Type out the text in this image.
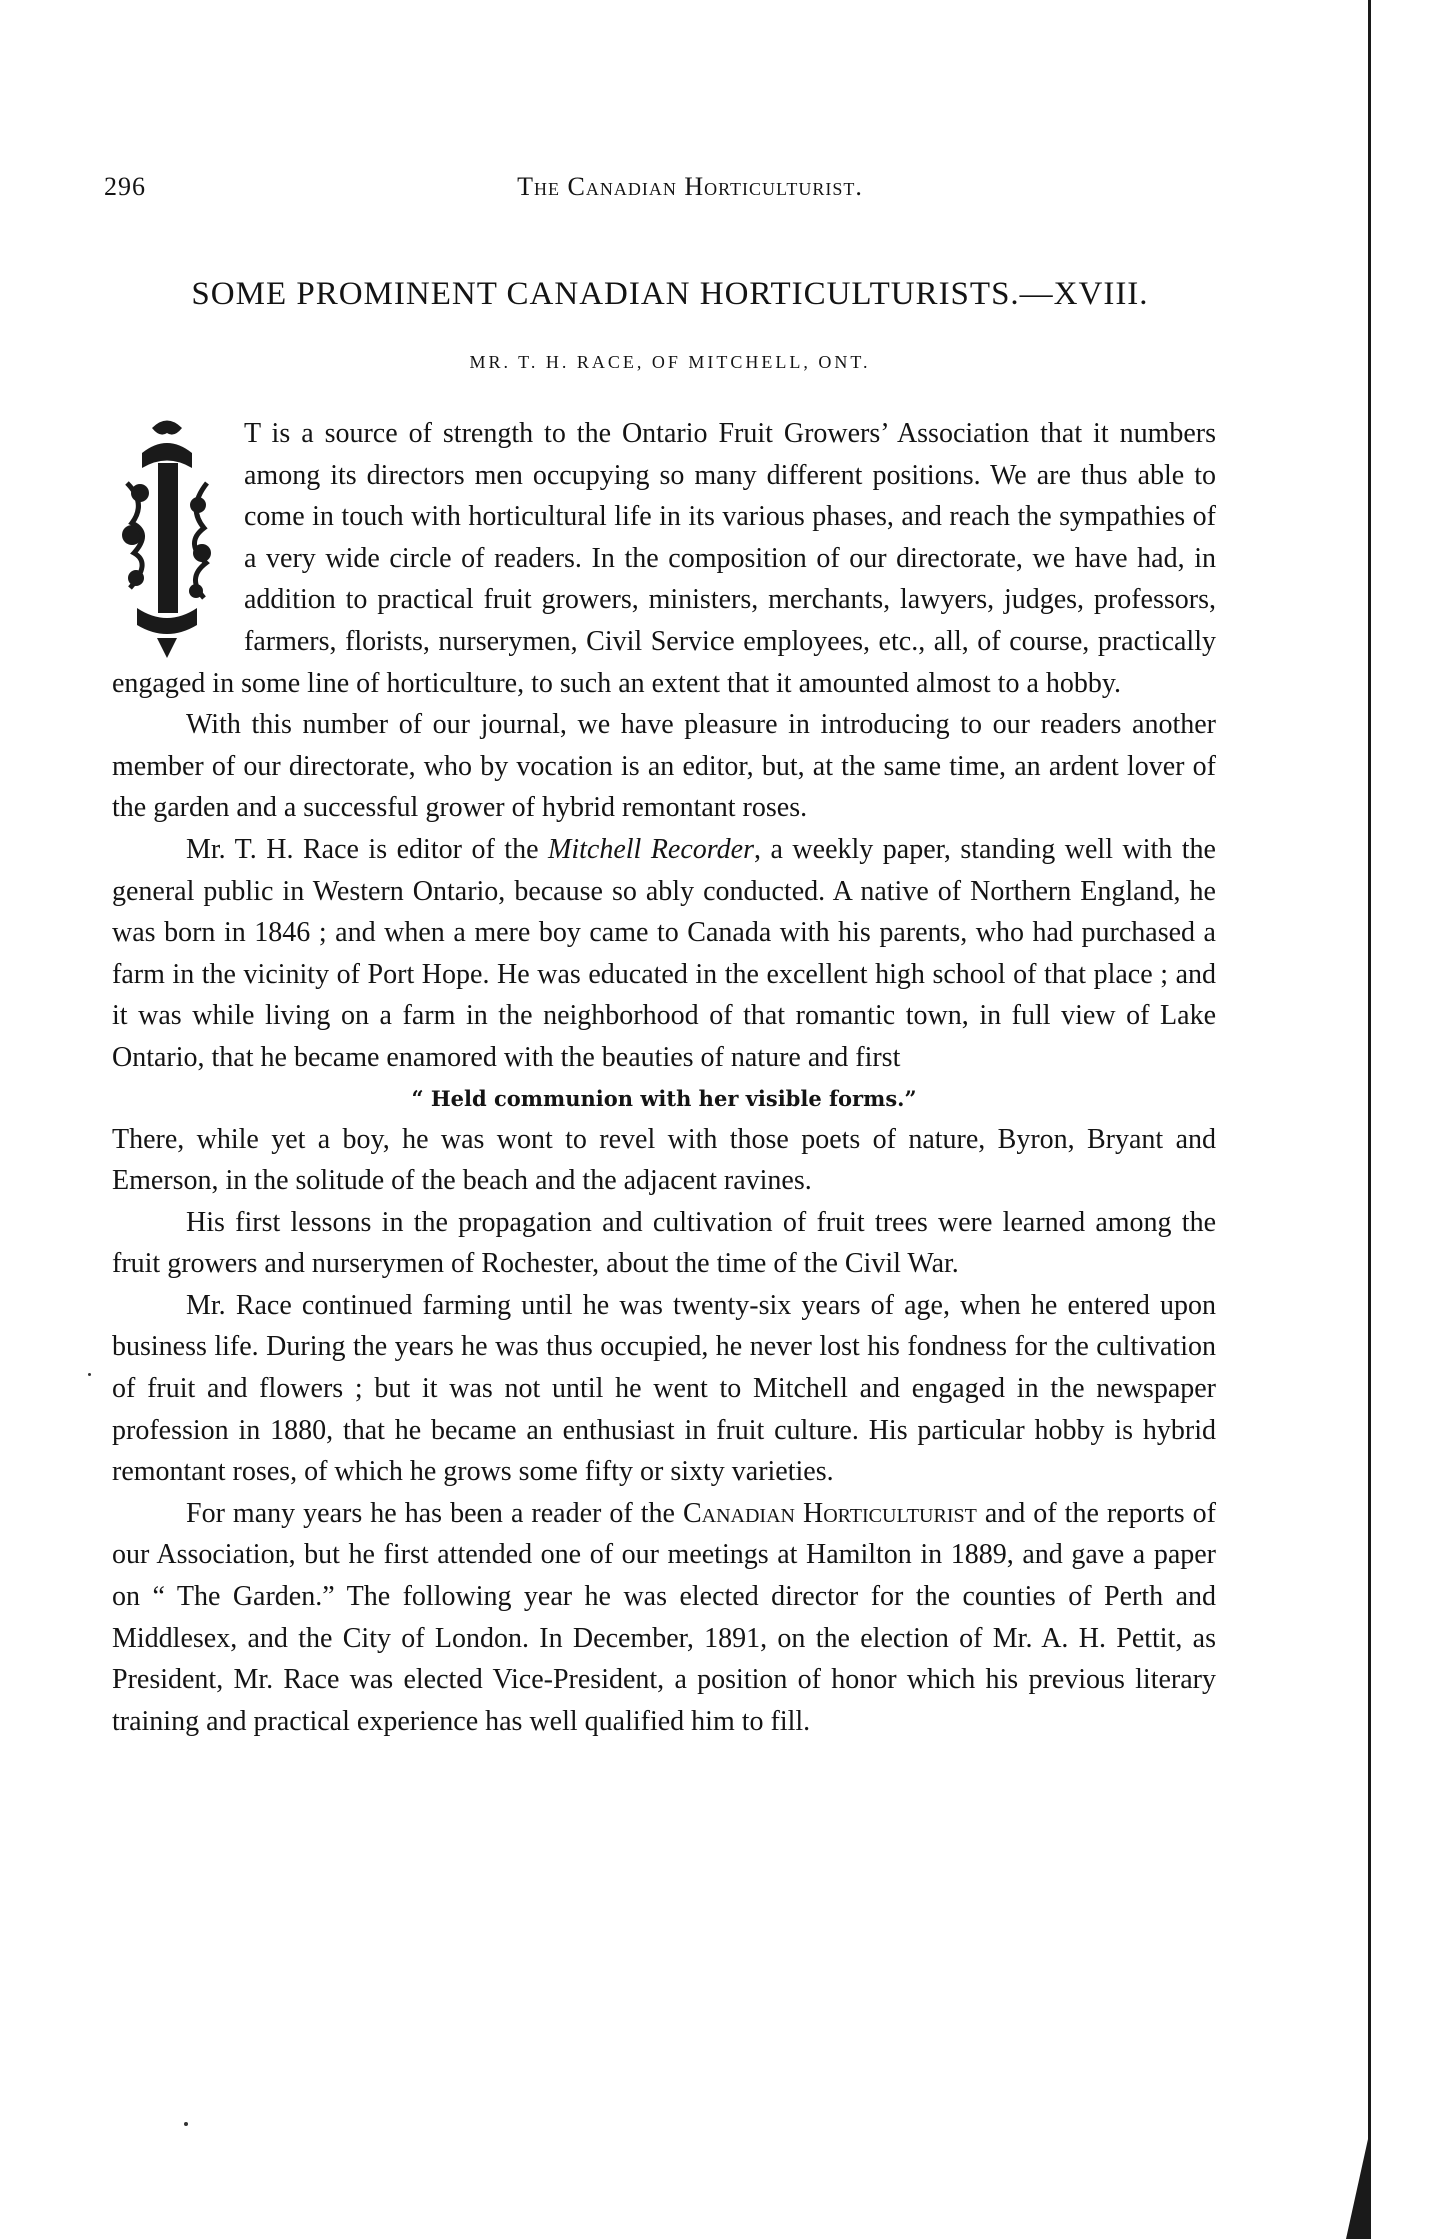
296	The Canadian Horticulturist.
SOME PROMINENT CANADIAN HORTICULTURISTS.—XVIII.
MR. T. H. RACE, OF MITCHELL, ONT.

T is a source of strength to the Ontario Fruit Growers’ Association that it numbers among its directors men occupying so many different positions. We are thus able to come in touch with horticultural life in its various phases, and reach the sympathies of a very wide circle of readers. In the composition of our directorate, we have had, in addition to practical fruit growers, ministers, merchants, lawyers, judges, professors, farmers, florists, nurserymen, Civil Service employees, etc., all, of course, practically engaged in some line of horticulture, to such an extent that it amounted almost to a hobby.

With this number of our journal, we have pleasure in introducing to our readers another member of our directorate, who by vocation is an editor, but, at the same time, an ardent lover of the garden and a successful grower of hybrid remontant roses.

Mr. T. H. Race is editor of the Mitchell Recorder, a weekly paper, standing well with the general public in Western Ontario, because so ably conducted. A native of Northern England, he was born in 1846 ; and when a mere boy came to Canada with his parents, who had purchased a farm in the vicinity of Port Hope. He was educated in the excellent high school of that place ; and it was while living on a farm in the neighborhood of that romantic town, in full view of Lake Ontario, that he became enamored with the beauties of nature and first

“ Held communion with her visible forms.”

There, while yet a boy, he was wont to revel with those poets of nature, Byron, Bryant and Emerson, in the solitude of the beach and the adjacent ravines.

His first lessons in the propagation and cultivation of fruit trees were learned among the fruit growers and nurserymen of Rochester, about the time of the Civil War.

Mr. Race continued farming until he was twenty-six years of age, when he entered upon business life. During the years he was thus occupied, he never lost his fondness for the cultivation of fruit and flowers ; but it was not until he went to Mitchell and engaged in the newspaper profession in 1880, that he became an enthusiast in fruit culture. His particular hobby is hybrid remontant roses, of which he grows some fifty or sixty varieties.

For many years he has been a reader of the Canadian Horticulturist and of the reports of our Association, but he first attended one of our meetings at Hamilton in 1889, and gave a paper on “ The Garden.” The following year he was elected director for the counties of Perth and Middlesex, and the City of London. In December, 1891, on the election of Mr. A. H. Pettit, as President, Mr. Race was elected Vice-President, a position of honor which his previous literary training and practical experience has well qualified him to fill.
